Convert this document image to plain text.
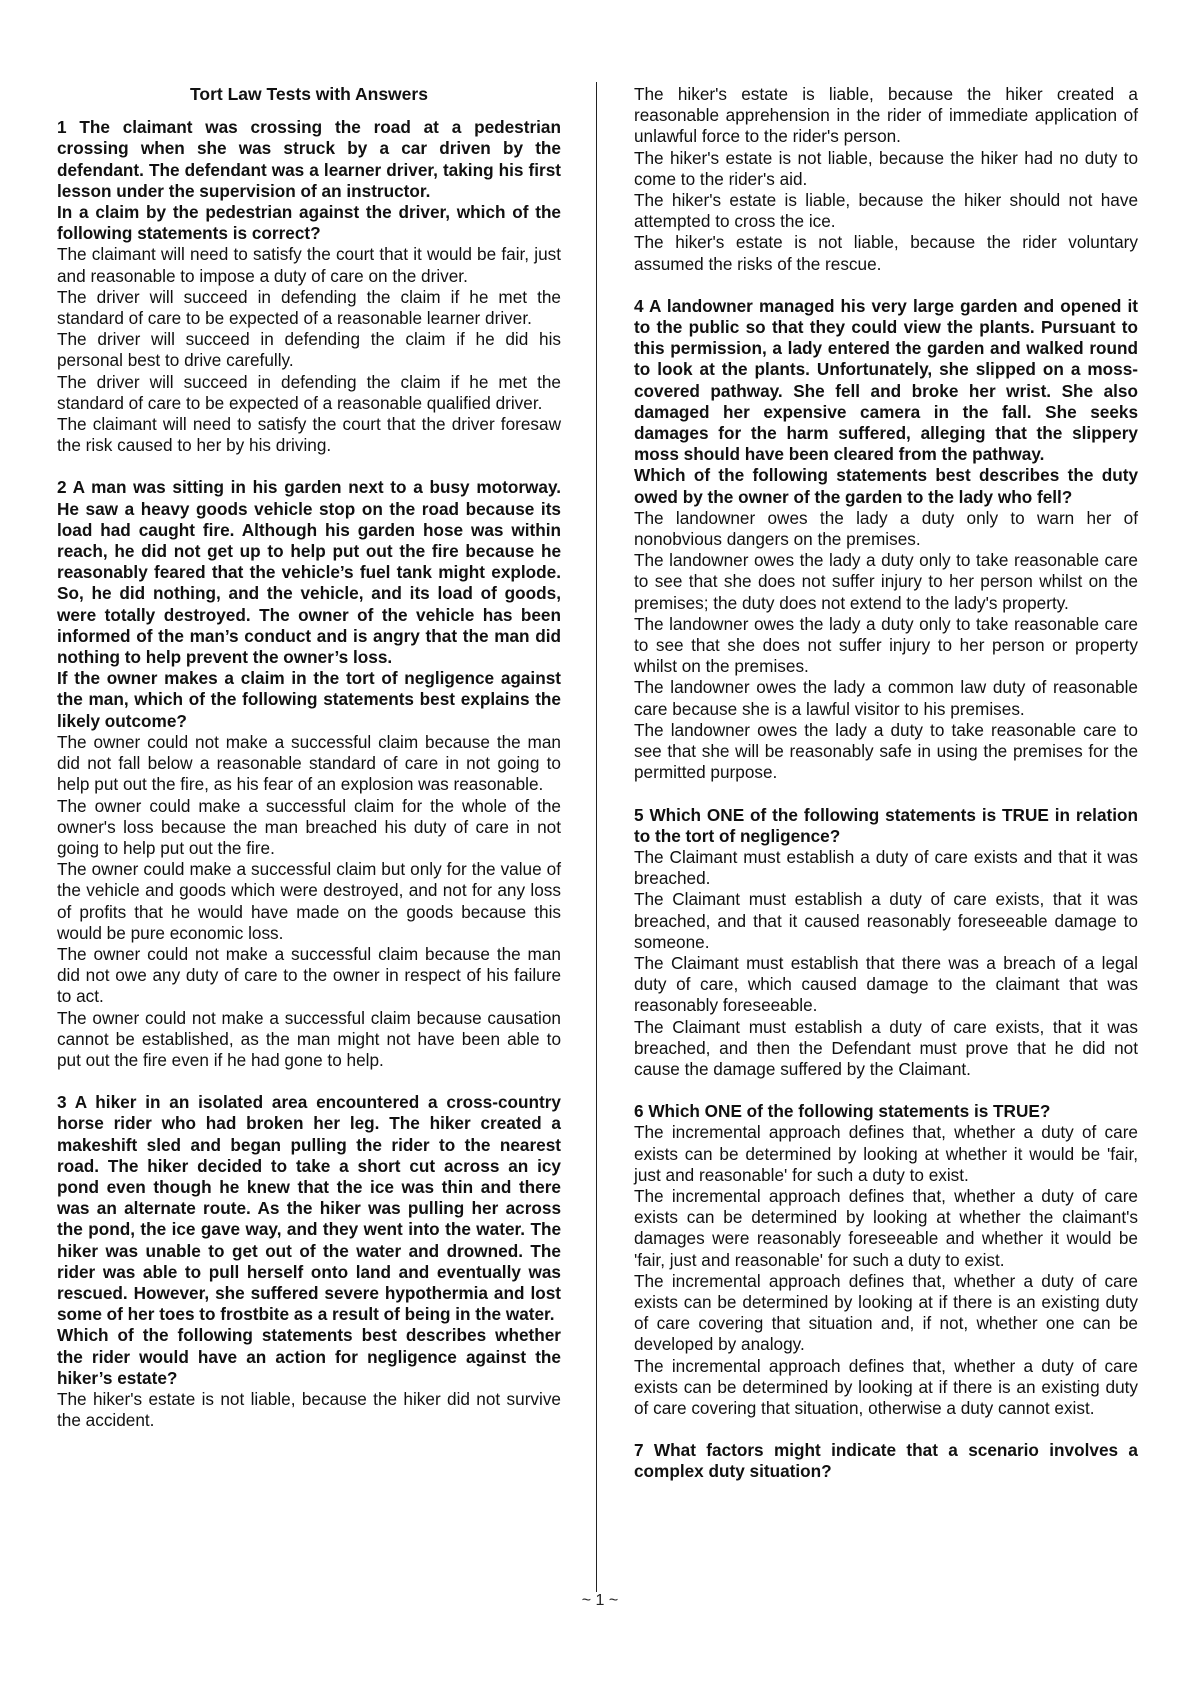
Tort Law Tests with Answers

1 The claimant was crossing the road at a pedestrian crossing when she was struck by a car driven by the defendant. The defendant was a learner driver, taking his first lesson under the supervision of an instructor.

In a claim by the pedestrian against the driver, which of the following statements is correct?

The claimant will need to satisfy the court that it would be fair, just and reasonable to impose a duty of care on the driver.

The driver will succeed in defending the claim if he met the standard of care to be expected of a reasonable learner driver.

The driver will succeed in defending the claim if he did his personal best to drive carefully.

The driver will succeed in defending the claim if he met the standard of care to be expected of a reasonable qualified driver.

The claimant will need to satisfy the court that the driver foresaw the risk caused to her by his driving.

2 A man was sitting in his garden next to a busy motorway. He saw a heavy goods vehicle stop on the road because its load had caught fire. Although his garden hose was within reach, he did not get up to help put out the fire because he reasonably feared that the vehicle’s fuel tank might explode. So, he did nothing, and the vehicle, and its load of goods, were totally destroyed. The owner of the vehicle has been informed of the man’s conduct and is angry that the man did nothing to help prevent the owner’s loss.

If the owner makes a claim in the tort of negligence against the man, which of the following statements best explains the likely outcome?

The owner could not make a successful claim because the man did not fall below a reasonable standard of care in not going to help put out the fire, as his fear of an explosion was reasonable.

The owner could make a successful claim for the whole of the owner's loss because the man breached his duty of care in not going to help put out the fire.

The owner could make a successful claim but only for the value of the vehicle and goods which were destroyed, and not for any loss of profits that he would have made on the goods because this would be pure economic loss.

The owner could not make a successful claim because the man did not owe any duty of care to the owner in respect of his failure to act.

The owner could not make a successful claim because causation cannot be established, as the man might not have been able to put out the fire even if he had gone to help.

3 A hiker in an isolated area encountered a cross-country horse rider who had broken her leg. The hiker created a makeshift sled and began pulling the rider to the nearest road. The hiker decided to take a short cut across an icy pond even though he knew that the ice was thin and there was an alternate route. As the hiker was pulling her across the pond, the ice gave way, and they went into the water. The hiker was unable to get out of the water and drowned. The rider was able to pull herself onto land and eventually was rescued. However, she suffered severe hypothermia and lost some of her toes to frostbite as a result of being in the water.

Which of the following statements best describes whether the rider would have an action for negligence against the hiker’s estate?

The hiker's estate is not liable, because the hiker did not survive the accident.

The hiker's estate is liable, because the hiker created a reasonable apprehension in the rider of immediate application of unlawful force to the rider's person.

The hiker's estate is not liable, because the hiker had no duty to come to the rider's aid.

The hiker's estate is liable, because the hiker should not have attempted to cross the ice.

The hiker's estate is not liable, because the rider voluntary assumed the risks of the rescue.

4 A landowner managed his very large garden and opened it to the public so that they could view the plants. Pursuant to this permission, a lady entered the garden and walked round to look at the plants. Unfortunately, she slipped on a moss-covered pathway. She fell and broke her wrist. She also damaged her expensive camera in the fall. She seeks damages for the harm suffered, alleging that the slippery moss should have been cleared from the pathway.

Which of the following statements best describes the duty owed by the owner of the garden to the lady who fell?

The landowner owes the lady a duty only to warn her of nonobvious dangers on the premises.

The landowner owes the lady a duty only to take reasonable care to see that she does not suffer injury to her person whilst on the premises; the duty does not extend to the lady's property.

The landowner owes the lady a duty only to take reasonable care to see that she does not suffer injury to her person or property whilst on the premises.

The landowner owes the lady a common law duty of reasonable care because she is a lawful visitor to his premises.

The landowner owes the lady a duty to take reasonable care to see that she will be reasonably safe in using the premises for the permitted purpose.

5 Which ONE of the following statements is TRUE in relation to the tort of negligence?

The Claimant must establish a duty of care exists and that it was breached.

The Claimant must establish a duty of care exists, that it was breached, and that it caused reasonably foreseeable damage to someone.

The Claimant must establish that there was a breach of a legal duty of care, which caused damage to the claimant that was reasonably foreseeable.

The Claimant must establish a duty of care exists, that it was breached, and then the Defendant must prove that he did not cause the damage suffered by the Claimant.

6 Which ONE of the following statements is TRUE?

The incremental approach defines that, whether a duty of care exists can be determined by looking at whether it would be 'fair, just and reasonable' for such a duty to exist.

The incremental approach defines that, whether a duty of care exists can be determined by looking at whether the claimant's damages were reasonably foreseeable and whether it would be 'fair, just and reasonable' for such a duty to exist.

The incremental approach defines that, whether a duty of care exists can be determined by looking at if there is an existing duty of care covering that situation and, if not, whether one can be developed by analogy.

The incremental approach defines that, whether a duty of care exists can be determined by looking at if there is an existing duty of care covering that situation, otherwise a duty cannot exist.

7 What factors might indicate that a scenario involves a complex duty situation?

~ 1 ~
